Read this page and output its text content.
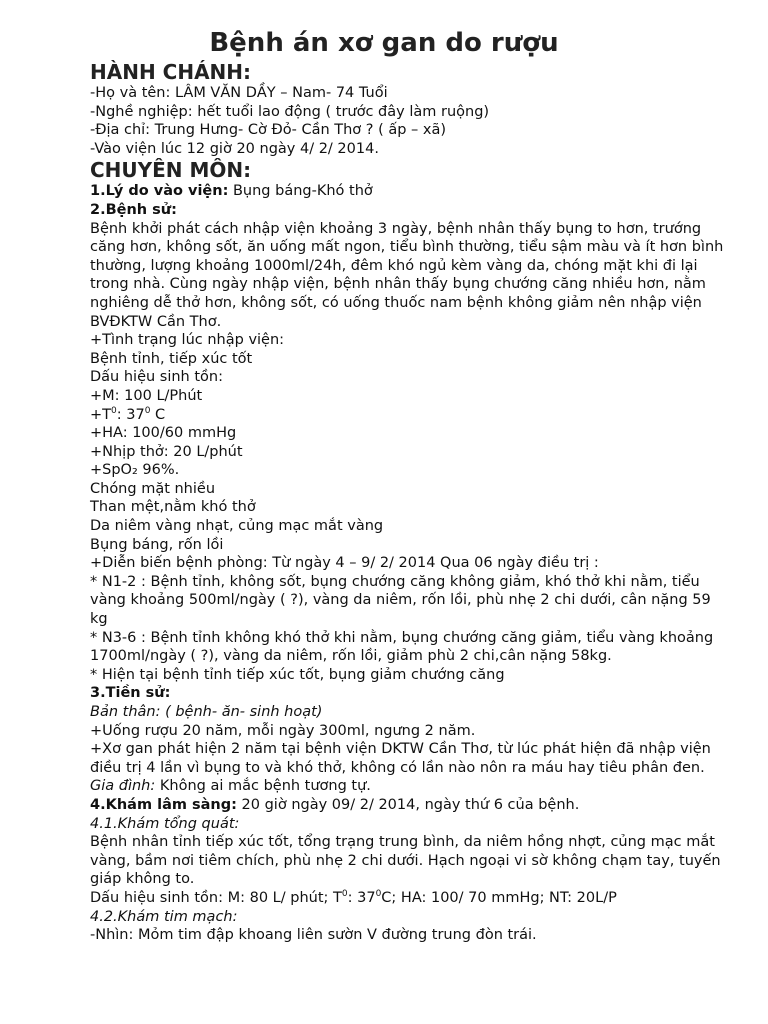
Bệnh án xơ gan do rượu
HÀNH CHÁNH:
-Họ và tên: LÂM VĂN DẦY – Nam- 74 Tuổi
-Nghề nghiệp: hết tuổi lao động ( trước đây làm ruộng)
-Địa chỉ: Trung Hưng- Cờ Đỏ- Cần Thơ ? ( ấp – xã)
-Vào viện lúc 12 giờ 20 ngày 4/ 2/ 2014.
CHUYÊN MÔN:
1.Lý do vào viện: Bụng báng-Khó thở
2.Bệnh sử:
Bệnh khởi phát cách nhập viện khoảng 3 ngày, bệnh nhân thấy bụng to hơn, trướng căng hơn, không sốt, ăn uống mất ngon, tiểu bình thường, tiểu sậm màu và ít hơn bình thường, lượng khoảng 1000ml/24h, đêm khó ngủ kèm vàng da, chóng mặt khi đi lại trong nhà. Cùng ngày nhập viện, bệnh nhân thấy bụng chướng căng nhiều hơn, nằm nghiêng dễ thở hơn, không sốt, có uống thuốc nam bệnh không giảm nên nhập viện BVĐKTW Cần Thơ.
+Tình trạng lúc nhập viện:
Bệnh tỉnh, tiếp xúc tốt
Dấu hiệu sinh tồn:
+M: 100 L/Phút
$+T^0$: $37^0$ C
+HA: 100/60 mmHg
+Nhịp thở: 20 L/phút
+SpO₂ 96%.
Chóng mặt nhiều
Than mệt,nằm khó thở
Da niêm vàng nhạt, củng mạc mắt vàng
Bụng báng, rốn lồi
+Diễn biến bệnh phòng: Từ ngày 4 – 9/ 2/ 2014 Qua 06 ngày điều trị :
* N1-2 : Bệnh tỉnh, không sốt, bụng chướng căng không giảm, khó thở khi nằm, tiểu vàng khoảng 500ml/ngày ( ?), vàng da niêm, rốn lồi, phù nhẹ 2 chi dưới, cân nặng 59 kg
* N3-6 : Bệnh tỉnh không khó thở khi nằm, bụng chướng căng giảm, tiểu vàng khoảng 1700ml/ngày ( ?), vàng da niêm, rốn lồi, giảm phù 2 chi,cân nặng 58kg.
* Hiện tại bệnh tỉnh tiếp xúc tốt, bụng giảm chướng căng
3.Tiền sử:
Bản thân: ( bệnh- ăn- sinh hoạt)
+Uống rượu 20 năm, mỗi ngày 300ml, ngưng 2 năm.
+Xơ gan phát hiện 2 năm tại bệnh viện DKTW Cần Thơ, từ lúc phát hiện đã nhập viện điều trị 4 lần vì bụng to và khó thở, không có lần nào nôn ra máu hay tiêu phân đen.
Gia đình: Không ai mắc bệnh tương tự.
4.Khám lâm sàng: 20 giờ ngày 09/ 2/ 2014, ngày thứ 6 của bệnh.
4.1.Khám tổng quát:
Bệnh nhân tỉnh tiếp xúc tốt, tổng trạng trung bình, da niêm hồng nhợt, củng mạc mắt vàng, bầm nơi tiêm chích, phù nhẹ 2 chi dưới. Hạch ngoại vi sờ không chạm tay, tuyến giáp không to.
Dấu hiệu sinh tồn: M: 80 L/ phút; $T^0$: $37^0C$; HA: 100/ 70 mmHg; NT: 20L/P
4.2.Khám tim mạch:
-Nhìn: Mỏm tim đập khoang liên sườn V đường trung đòn trái.
